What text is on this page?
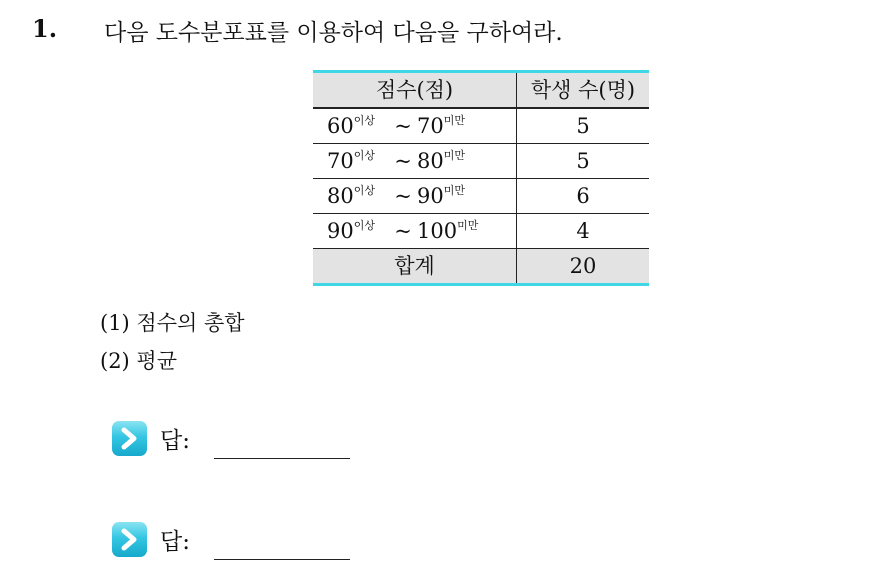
1. 다음 도수분포표를 이용하여 다음을 구하여라.
점수(점)	학생 수(명)
$60^{이상}$ ~ $70^{미만}$	5
$70^{이상}$ ~ $80^{미만}$	5
$80^{이상}$ ~ $90^{미만}$	6
$90^{이상}$ ~ $100^{미만}$	4
합계	20
(1) 점수의 총합
(2) 평균
답:
답:
